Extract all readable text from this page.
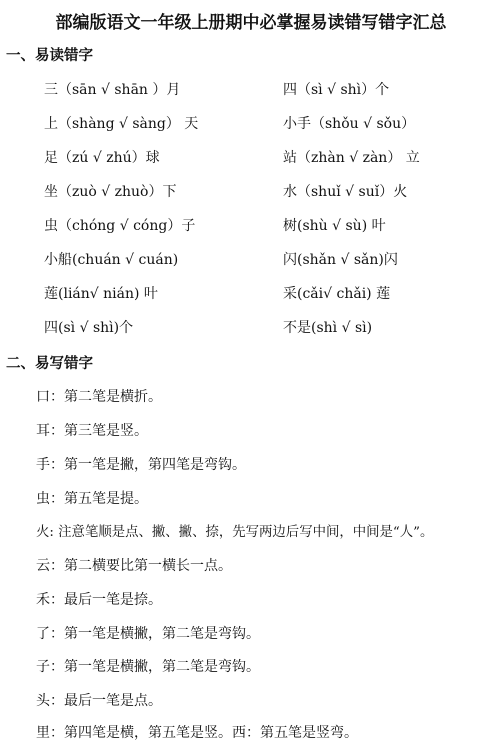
部编版语文一年级上册期中必掌握易读错写错字汇总
一、易读错字
三（sān √ shān ）月	四（sì √ shì）个
上（shàng √ sàng） 天	小手（shǒu √ sǒu）
足（zú √ zhú）球	站（zhàn √ zàn） 立
坐（zuò √ zhuò）下	水（shuǐ √ suǐ）火
虫（chóng √ cóng）子	树(shù √ sù) 叶
小船(chuán √ cuán)	闪(shǎn √ sǎn)闪
莲(lián√ nián) 叶	采(cǎi√ chǎi) 莲
四(sì √ shì)个	不是(shì √ sì)
二、易写错字
口：第二笔是横折。
耳：第三笔是竖。
手：第一笔是撇，第四笔是弯钩。
虫：第五笔是提。
火: 注意笔顺是点、撇、撇、捺，先写两边后写中间，中间是“人”。
云：第二横要比第一横长一点。
禾：最后一笔是捺。
了：第一笔是横撇，第二笔是弯钩。
子：第一笔是横撇，第二笔是弯钩。
头：最后一笔是点。
里：第四笔是横，第五笔是竖。西：第五笔是竖弯。
